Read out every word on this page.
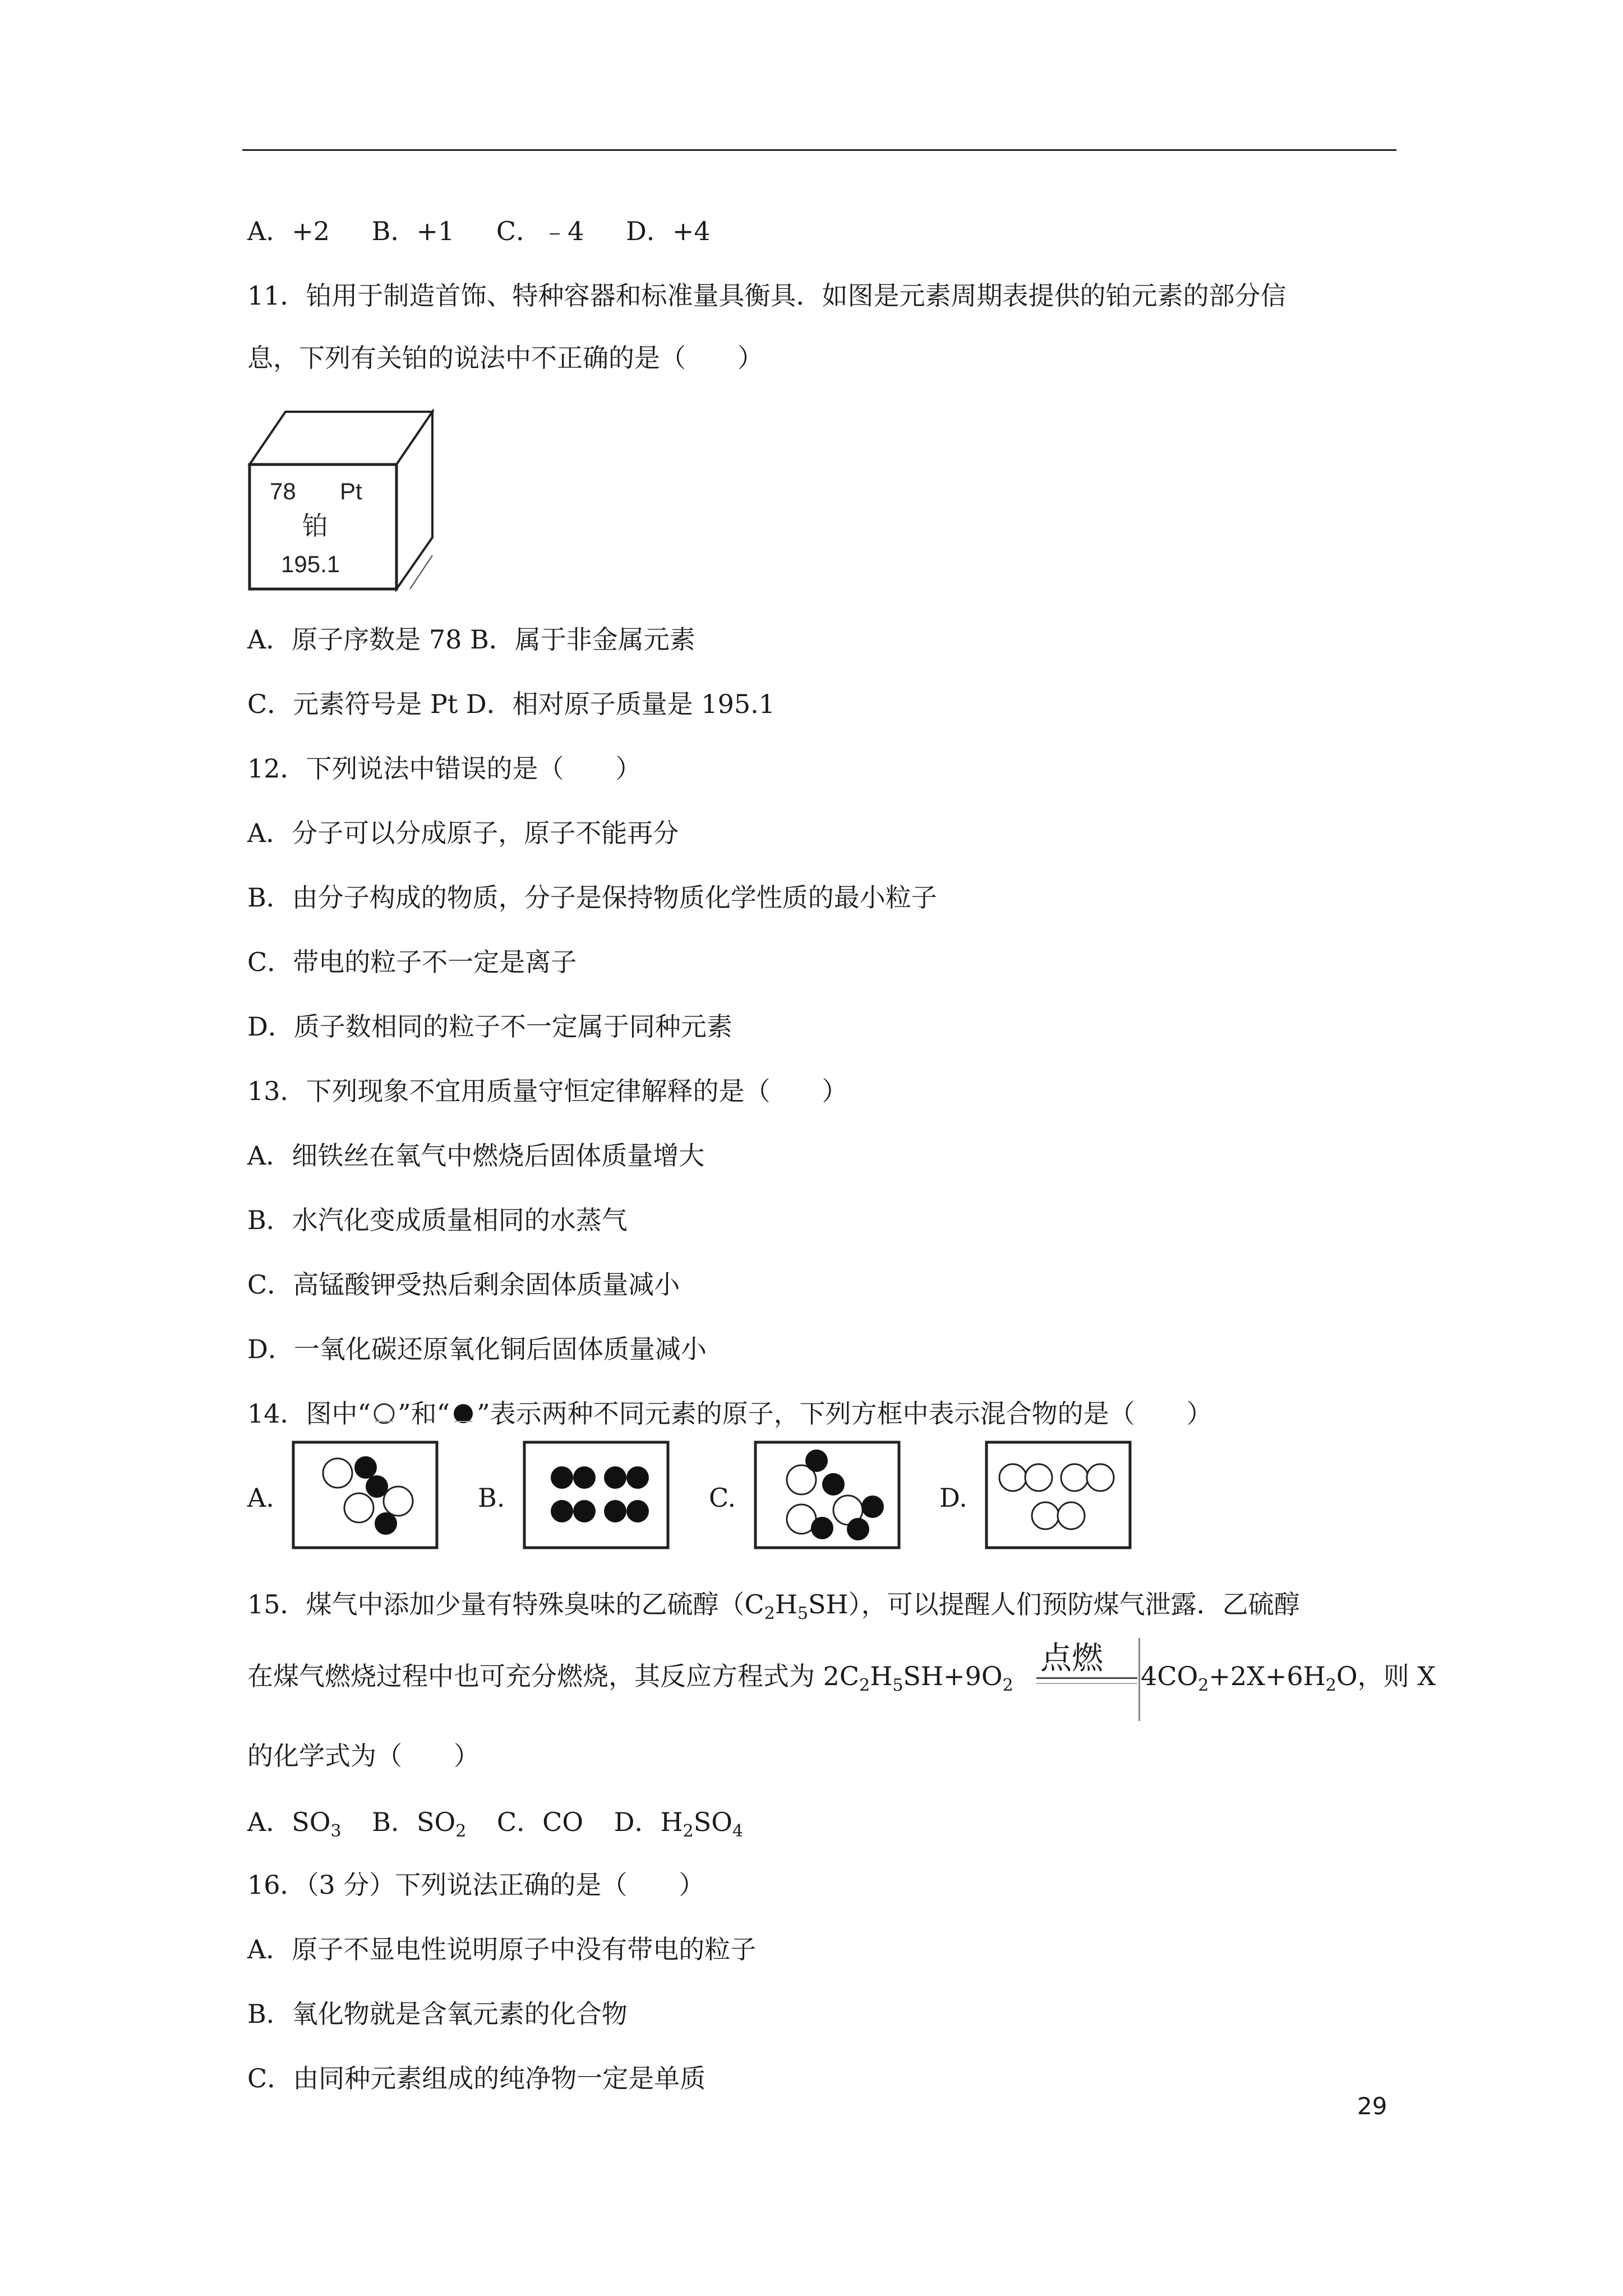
A．+2 B．+1 C．﹣4 D．+4
11．铂用于制造首饰、特种容器和标准量具衡具．如图是元素周期表提供的铂元素的部分信
息，下列有关铂的说法中不正确的是（　　）
78 Pt
铂
195.1
A．原子序数是 78 B．属于非金属元素
C．元素符号是 Pt D．相对原子质量是 195.1
12．下列说法中错误的是（　　）
A．分子可以分成原子，原子不能再分
B．由分子构成的物质，分子是保持物质化学性质的最小粒子
C．带电的粒子不一定是离子
D．质子数相同的粒子不一定属于同种元素
13．下列现象不宜用质量守恒定律解释的是（　　）
A．细铁丝在氧气中燃烧后固体质量增大
B．水汽化变成质量相同的水蒸气
C．高锰酸钾受热后剩余固体质量减小
D．一氧化碳还原氧化铜后固体质量减小
14．图中“ ”和“ ”表示两种不同元素的原子，下列方框中表示混合物的是（　　）
A.	B.	C.	D.
15．煤气中添加少量有特殊臭味的乙硫醇$(C_2H_5SH)$，可以提醒人们预防煤气泄露．乙硫醇
在煤气燃烧过程中也可充分燃烧，其反应方程式为 $2C_2H_5SH+9O_2$
点燃 $4CO_2+2X+6H_2O$，则 X
的化学式为（　　）
A．$SO_3$ B．$SO_2$ C．CO D．$H_2SO_4$
16．（3 分）下列说法正确的是（　　）
A．原子不显电性说明原子中没有带电的粒子
B．氧化物就是含氧元素的化合物
C．由同种元素组成的纯净物一定是单质
29
